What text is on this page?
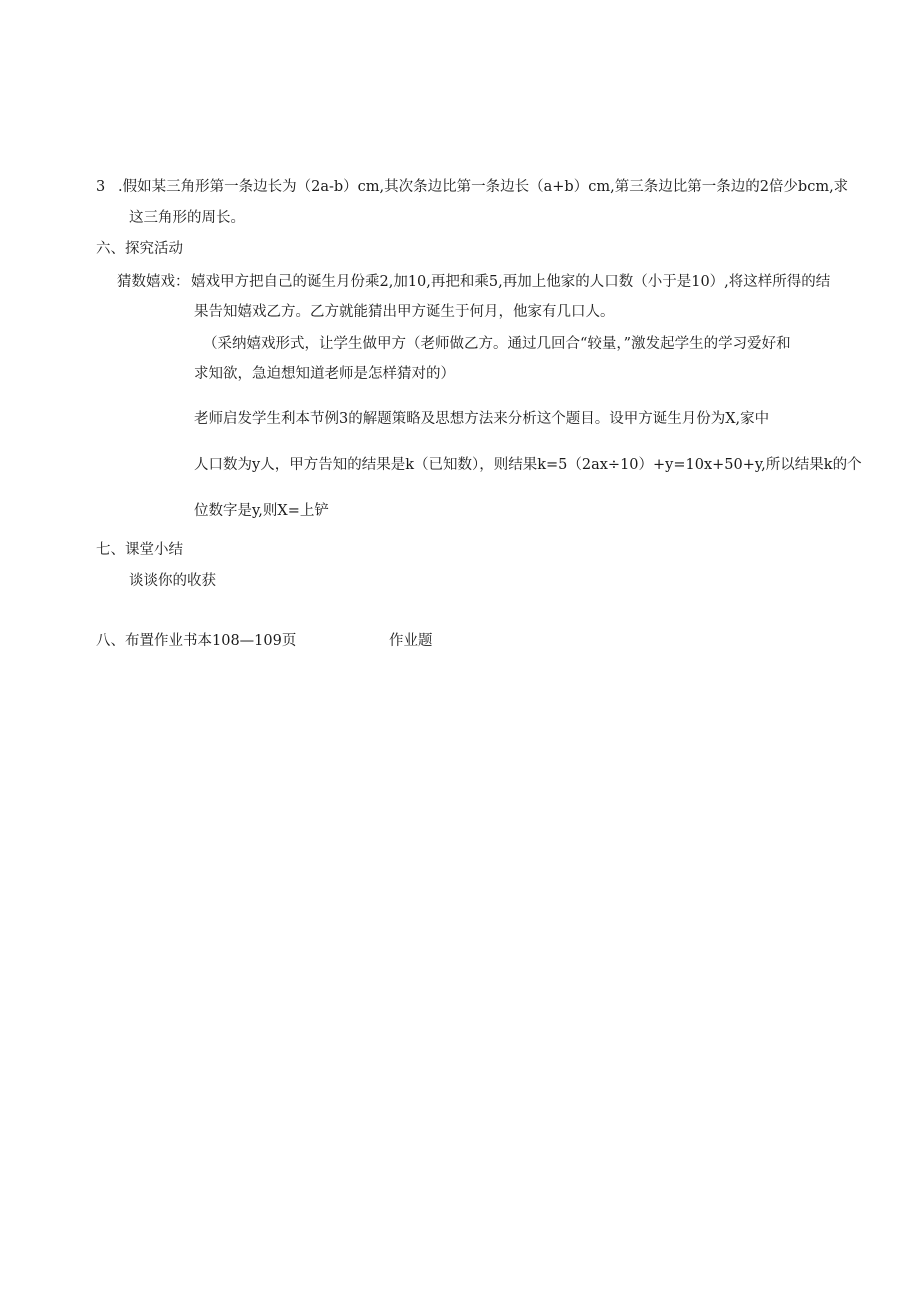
3 .假如某三角形第一条边长为（2a-b）cm,其次条边比第一条边长（a+b）cm,第三条边比第一条边的2倍少bcm,求
这三角形的周长。
六、探究活动
猜数嬉戏： 嬉戏甲方把自己的诞生月份乘2,加10,再把和乘5,再加上他家的人口数（小于是10）,将这样所得的结
果告知嬉戏乙方。乙方就能猜出甲方诞生于何月，他家有几口人。
（采纳嬉戏形式，让学生做甲方（老师做乙方。通过几回合“较量，”激发起学生的学习爱好和
求知欲，急迫想知道老师是怎样猜对的）
老师启发学生利本节例3的解题策略及思想方法来分析这个题目。设甲方诞生月份为X,家中
人口数为y人，甲方告知的结果是k（已知数），则结果k=5（2ax÷10）+y=10x+50+y,所以结果k的个
位数字是y,则X=上铲
七、课堂小结
谈谈你的收获
八、布置作业书本108—109页	作业题
